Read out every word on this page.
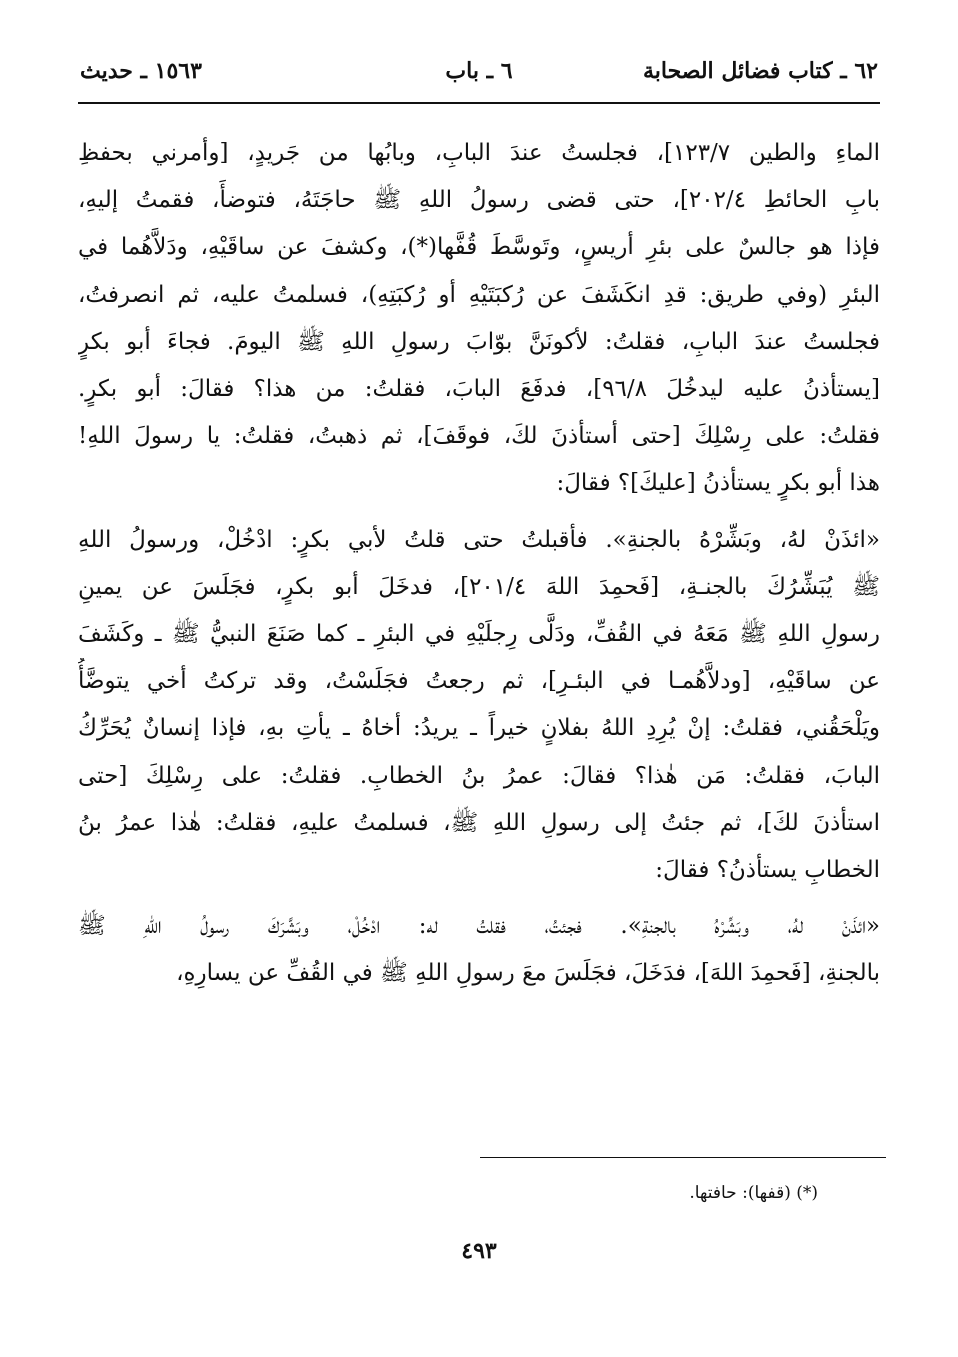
٦٢ ـ كتاب فضائل الصحابة
٦ ـ باب
١٥٦٣ ـ حديث

الماءِ والطين ١٢٣/٧]، فجلستُ عندَ البابِ، وبابُها من جَريدٍ، [وأمرني بحفظِ
بابِ الحائطِ ٢٠٢/٤]، حتى قضى رسولُ اللهِ ﷺ حاجَتَهُ، فتوضأَ، فقمتُ إليهِ،
فإذا هو جالسٌ على بئرِ أريسٍ، وتَوسَّطَ قُفَّها(*)، وكشفَ عن ساقَيْهِ، ودَلاَّهُما في
البئرِ (وفي طريق: قدِ انكَشَفَ عن رُكبَتَيْهِ أو رُكبَتِهِ)، فسلمتُ عليه، ثم انصرفتُ،
فجلستُ عندَ البابِ، فقلتُ: لأكونَنَّ بوّابَ رسولِ اللهِ ﷺ اليومَ. فجاءَ أبو بكرٍ
[يستأذنُ عليه ليدخُلَ ٩٦/٨]، فدفَعَ البابَ، فقلتُ: من هذا؟ فقالَ: أبو بكرٍ.
فقلتُ: على رِسْلِكَ [حتى أستأذنَ لكَ، فوقَفَ]، ثم ذهبتُ، فقلتُ: يا رسولَ اللهِ!
هذا أبو بكرٍ يستأذنُ [عليكَ]؟ فقالَ:

«ائذَنْ لهُ، وبَشِّرْهُ بالجنةِ». فأقبلتُ حتى قلتُ لأبي بكرٍ: ادْخُلْ، ورسولُ اللهِ
ﷺ يُبَشِّرُكَ بالجنـةِ، [فَحمِدَ اللهَ ٢٠١/٤]، فدخَلَ أبو بكرٍ، فجَلَسَ عن يمينِ
رسولِ اللهِ ﷺ مَعَهُ في القُفِّ، ودَلَّى رِجلَيْهِ في البئرِ ـ كما صَنَعَ النبيُّ ﷺ ـ وكَشَفَ
عن ساقَيْهِ، [ودلاَّهُمـا في البئـرِ]، ثم رجعتُ فجَلَسْتُ، وقد تركتُ أخي يتوضَّأُ
ويَلْحَقُني، فقلتُ: إنْ يُرِدِ اللهُ بفلانٍ خيراً ـ يريدُ: أخاهُ ـ يأتِ بهِ، فإذا إنسانٌ يُحَرِّكُ
البابَ، فقلتُ: مَن هٰذا؟ فقالَ: عمرُ بنُ الخطابِ. فقلتُ: على رِسْلِكَ [حتى
استأذنَ لكَ]، ثم جئتُ إلى رسولِ اللهِ ﷺ، فسلمتُ عليهِ، فقلتُ: هٰذا عمرُ بنُ
الخطابِ يستأذنُ؟ فقالَ:

«ائذَنْ لهُ، وبَشِّرْهُ بالجنةِ». فجئتُ، فقلتُ له: ادْخُلْ، وبَشَّرَكَ رسولُ اللهِ ﷺ
بالجنةِ، [فَحمِدَ اللهَ]، فدَخَلَ، فجَلَسَ معَ رسولِ اللهِ ﷺ في القُفِّ عن يسارِهِ،

(*) (قفها): حافتها.
٤٩٣
